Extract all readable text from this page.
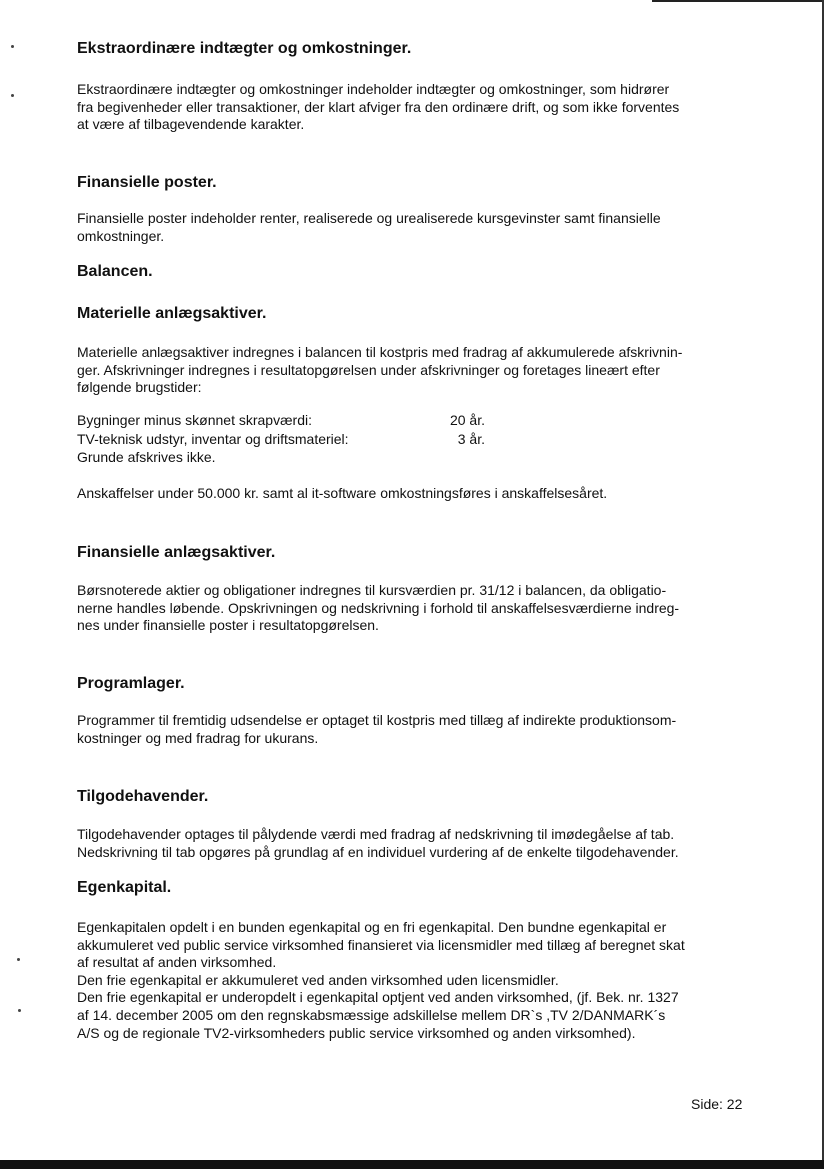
Ekstraordinære indtægter og omkostninger.
Ekstraordinære indtægter og omkostninger indeholder indtægter og omkostninger, som hidrører
fra begivenheder eller transaktioner, der klart afviger fra den ordinære drift, og som ikke forventes
at være af tilbagevendende karakter.
Finansielle poster.
Finansielle poster indeholder renter, realiserede og urealiserede kursgevinster samt finansielle
omkostninger.
Balancen.
Materielle anlægsaktiver.
Materielle anlægsaktiver indregnes i balancen til kostpris med fradrag af akkumulerede afskrivnin-
ger. Afskrivninger indregnes i resultatopgørelsen under afskrivninger og foretages lineært efter
følgende brugstider:
Bygninger minus skønnet skrapværdi:	20 år.
TV-teknisk udstyr, inventar og driftsmateriel:	3 år.
Grunde afskrives ikke.
Anskaffelser under 50.000 kr. samt al it-software omkostningsføres i anskaffelsesåret.
Finansielle anlægsaktiver.
Børsnoterede aktier og obligationer indregnes til kursværdien pr. 31/12 i balancen, da obligatio-
nerne handles løbende. Opskrivningen og nedskrivning i forhold til anskaffelsesværdierne indreg-
nes under finansielle poster i resultatopgørelsen.
Programlager.
Programmer til fremtidig udsendelse er optaget til kostpris med tillæg af indirekte produktionsom-
kostninger og med fradrag for ukurans.
Tilgodehavender.
Tilgodehavender optages til pålydende værdi med fradrag af nedskrivning til imødegåelse af tab.
Nedskrivning til tab opgøres på grundlag af en individuel vurdering af de enkelte tilgodehavender.
Egenkapital.
Egenkapitalen opdelt i en bunden egenkapital og en fri egenkapital. Den bundne egenkapital er
akkumuleret ved public service virksomhed finansieret via licensmidler med tillæg af beregnet skat
af resultat af anden virksomhed.
Den frie egenkapital er akkumuleret ved anden virksomhed uden licensmidler.
Den frie egenkapital er underopdelt i egenkapital optjent ved anden virksomhed, (jf. Bek. nr. 1327
af 14. december 2005 om den regnskabsmæssige adskillelse mellem DR`s ,TV 2/DANMARK´s
A/S og de regionale TV2-virksomheders public service virksomhed og anden virksomhed).
Side: 22
